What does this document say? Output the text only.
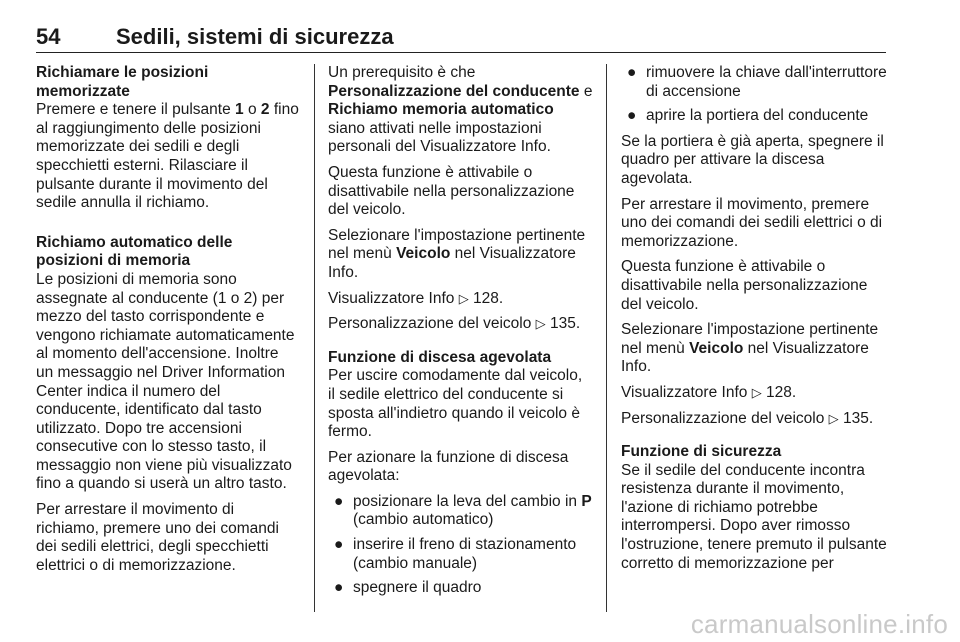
54	Sedili, sistemi di sicurezza
Richiamare le posizioni memorizzate
Premere e tenere il pulsante 1 o 2 fino al raggiungimento delle posizioni memorizzate dei sedili e degli specchietti esterni. Rilasciare il pulsante durante il movimento del sedile annulla il richiamo.
Richiamo automatico delle posizioni di memoria
Le posizioni di memoria sono assegnate al conducente (1 o 2) per mezzo del tasto corrispondente e vengono richiamate automaticamente al momento dell'accensione. Inoltre un messaggio nel Driver Information Center indica il numero del conducente, identificato dal tasto utilizzato. Dopo tre accensioni consecutive con lo stesso tasto, il messaggio non viene più visualizzato fino a quando si userà un altro tasto.
Per arrestare il movimento di richiamo, premere uno dei comandi dei sedili elettrici, degli specchietti elettrici o di memorizzazione.
Un prerequisito è che Personalizzazione del conducente e Richiamo memoria automatico siano attivati nelle impostazioni personali del Visualizzatore Info.
Questa funzione è attivabile o disattivabile nella personalizzazione del veicolo.
Selezionare l'impostazione pertinente nel menù Veicolo nel Visualizzatore Info.
Visualizzatore Info ▷ 128.
Personalizzazione del veicolo ▷ 135.
Funzione di discesa agevolata
Per uscire comodamente dal veicolo, il sedile elettrico del conducente si sposta all'indietro quando il veicolo è fermo.
Per azionare la funzione di discesa agevolata:
● posizionare la leva del cambio in P (cambio automatico)
● inserire il freno di stazionamento (cambio manuale)
● spegnere il quadro
● rimuovere la chiave dall'interruttore di accensione
● aprire la portiera del conducente
Se la portiera è già aperta, spegnere il quadro per attivare la discesa agevolata.
Per arrestare il movimento, premere uno dei comandi dei sedili elettrici o di memorizzazione.
Questa funzione è attivabile o disattivabile nella personalizzazione del veicolo.
Selezionare l'impostazione pertinente nel menù Veicolo nel Visualizzatore Info.
Visualizzatore Info ▷ 128.
Personalizzazione del veicolo ▷ 135.
Funzione di sicurezza
Se il sedile del conducente incontra resistenza durante il movimento, l'azione di richiamo potrebbe interrompersi. Dopo aver rimosso l'ostruzione, tenere premuto il pulsante corretto di memorizzazione per
carmanualsonline.info
